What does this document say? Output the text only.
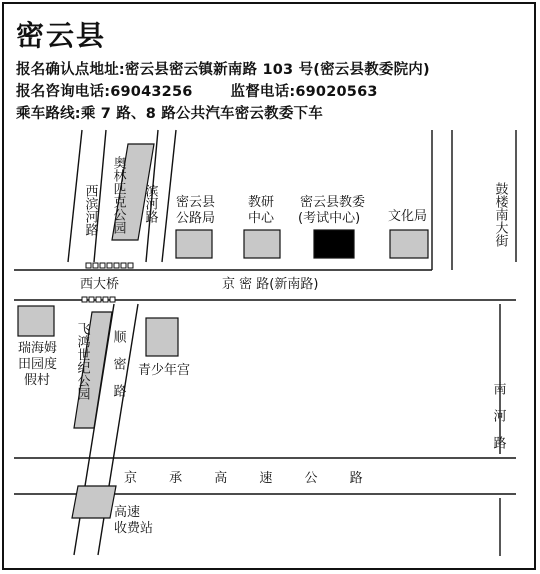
密云县
报名确认点地址:密云县密云镇新南路 103 号(密云县教委院内)
报名咨询电话:69043256	监督电话:69020563
乘车路线:乘 7 路、8 路公共汽车密云教委下车
密云县
公路局
教研
中心
密云县教委
(考试中心) 文化局
西大桥	京 密 路(新南路)
瑞海姆
田园度
假村
青少年宫
京 承 高 速 公 路
高速
收费站
奥林匹克公园
西滨河路	滨河路	鼓楼南大街
飞鸿世纪公园 顺密路
南河路
